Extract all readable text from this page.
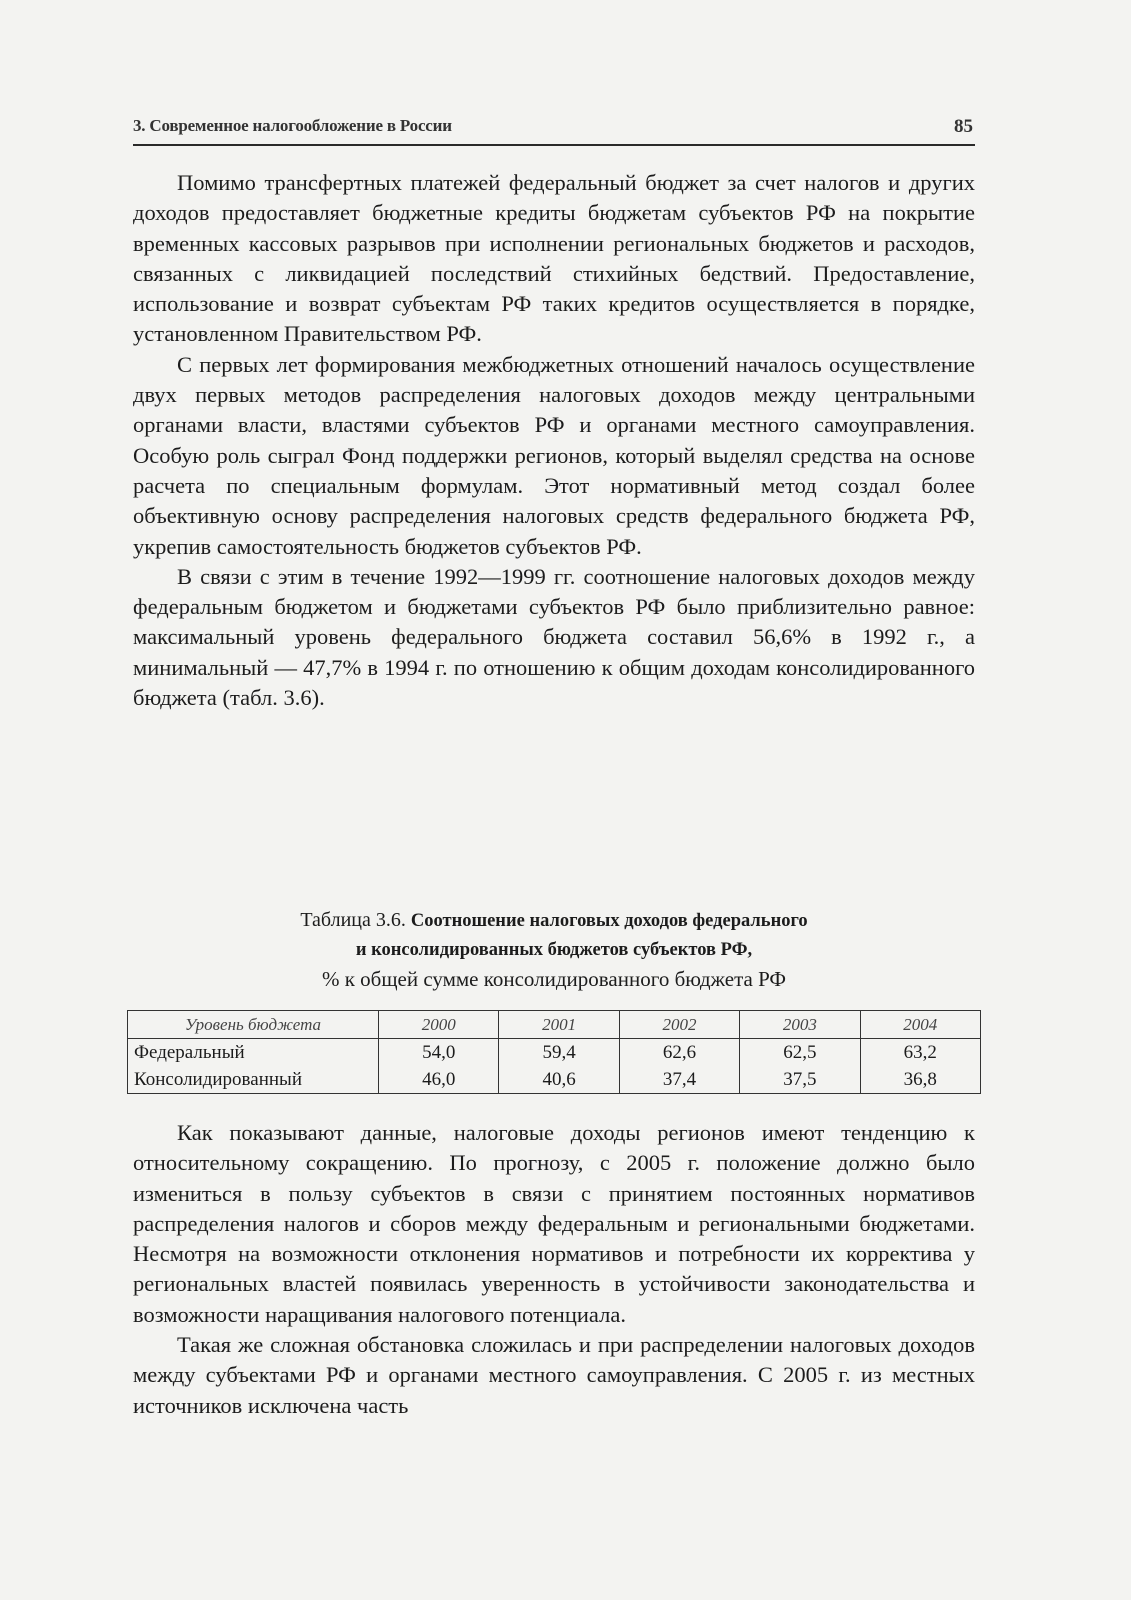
3. Современное налогообложение в России	85

Помимо трансфертных платежей федеральный бюджет за счет налогов и других доходов предоставляет бюджетные кредиты бюджетам субъектов РФ на покрытие временных кассовых разрывов при исполнении региональных бюджетов и расходов, связанных с ликвидацией последствий стихийных бедствий. Предоставление, использование и возврат субъектам РФ таких кредитов осуществляется в порядке, установленном Правительством РФ.

С первых лет формирования межбюджетных отношений началось осуществление двух первых методов распределения налоговых доходов между центральными органами власти, властями субъектов РФ и органами местного самоуправления. Особую роль сыграл Фонд поддержки регионов, который выделял средства на основе расчета по специальным формулам. Этот нормативный метод создал более объективную основу распределения налоговых средств федерального бюджета РФ, укрепив самостоятельность бюджетов субъектов РФ.

В связи с этим в течение 1992—1999 гг. соотношение налоговых доходов между федеральным бюджетом и бюджетами субъектов РФ было приблизительно равное: максимальный уровень федерального бюджета составил 56,6% в 1992 г., а минимальный — 47,7% в 1994 г. по отношению к общим доходам консолидированного бюджета (табл. 3.6).

Таблица 3.6. Соотношение налоговых доходов федерального
и консолидированных бюджетов субъектов РФ,
% к общей сумме консолидированного бюджета РФ
Уровень бюджета	2000	2001	2002	2003	2004
Федеральный	54,0	59,4	62,6	62,5	63,2
Консолидированный	46,0	40,6	37,4	37,5	36,8

Как показывают данные, налоговые доходы регионов имеют тенденцию к относительному сокращению. По прогнозу, с 2005 г. положение должно было измениться в пользу субъектов в связи с принятием постоянных нормативов распределения налогов и сборов между федеральным и региональными бюджетами. Несмотря на возможности отклонения нормативов и потребности их корректива у региональных властей появилась уверенность в устойчивости законодательства и возможности наращивания налогового потенциала.

Такая же сложная обстановка сложилась и при распределении налоговых доходов между субъектами РФ и органами местного самоуправления. С 2005 г. из местных источников исключена часть
